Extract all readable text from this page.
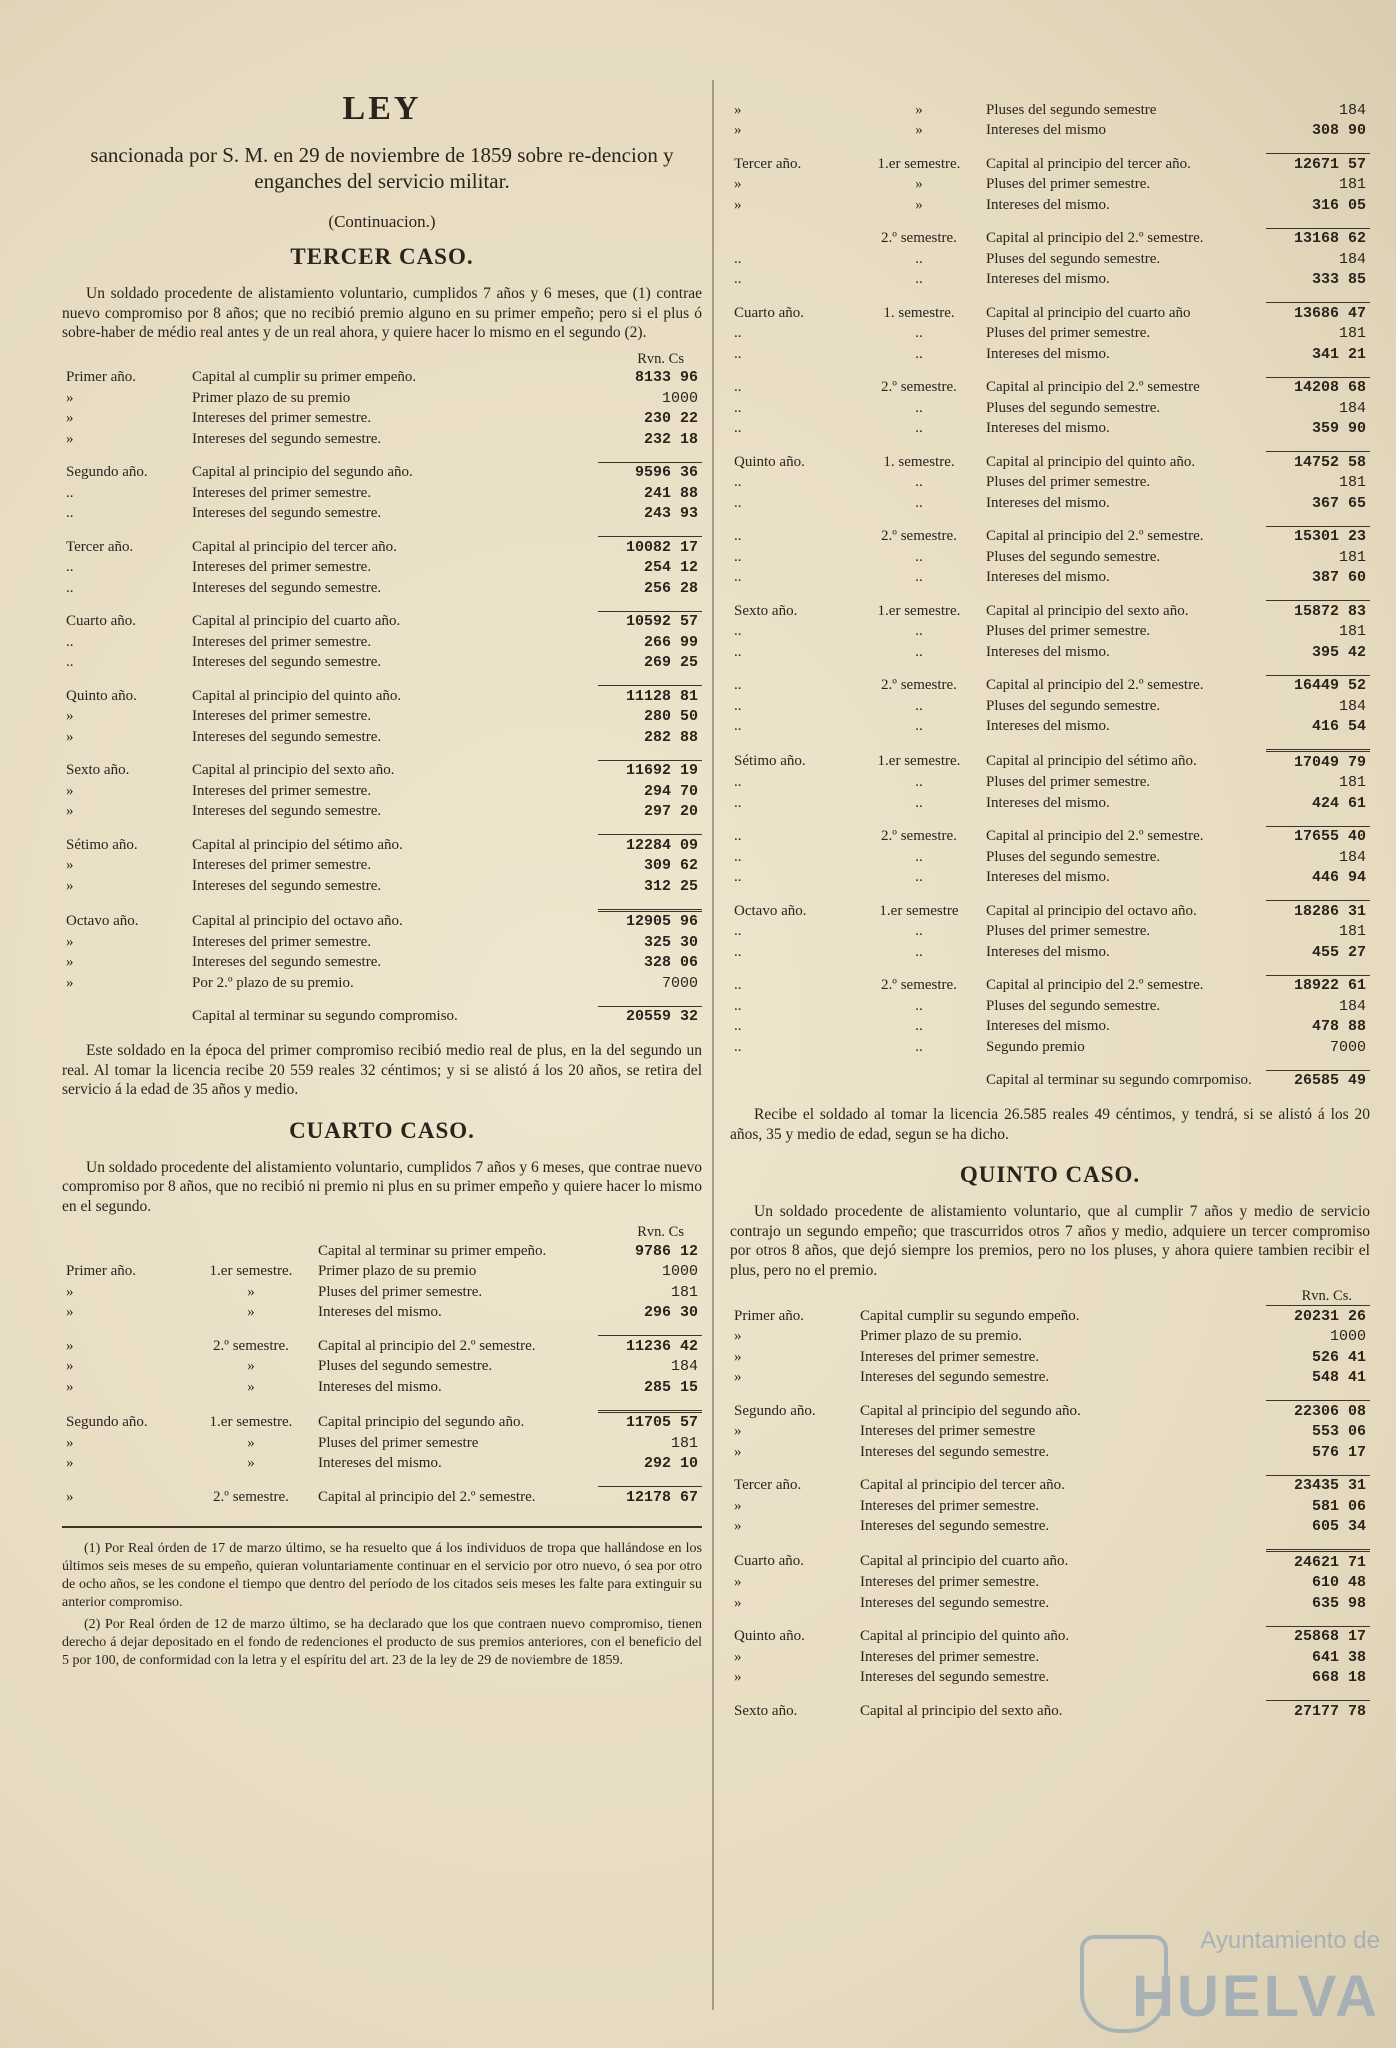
LEY

sancionada por S. M. en 29 de noviembre de 1859 sobre re-dencion y enganches del servicio militar.

(Continuacion.)

TERCER CASO.

Un soldado procedente de alistamiento voluntario, cumplidos 7 años y 6 meses, que (1) contrae nuevo compromiso por 8 años; que no recibió premio alguno en su primer empeño; pero si el plus ó sobre-haber de médio real antes y de un real ahora, y quiere hacer lo mismo en el segundo (2).

Rvn. Cs

Primer año.	Capital al cumplir su primer empeño.	8133 96
»	Primer plazo de su premio	1000
»	Intereses del primer semestre.	230 22
»	Intereses del segundo semestre.	232 18

Segundo año.	Capital al principio del segundo año.	9596 36
..	Intereses del primer semestre.	241 88
..	Intereses del segundo semestre.	243 93

Tercer año.	Capital al principio del tercer año.	10082 17
..	Intereses del primer semestre.	254 12
..	Intereses del segundo semestre.	256 28

Cuarto año.	Capital al principio del cuarto año.	10592 57
..	Intereses del primer semestre.	266 99
..	Intereses del segundo semestre.	269 25

Quinto año.	Capital al principio del quinto año.	11128 81
»	Intereses del primer semestre.	280 50
»	Intereses del segundo semestre.	282 88

Sexto año.	Capital al principio del sexto año.	11692 19
»	Intereses del primer semestre.	294 70
»	Intereses del segundo semestre.	297 20

Sétimo año.	Capital al principio del sétimo año.	12284 09
»	Intereses del primer semestre.	309 62
»	Intereses del segundo semestre.	312 25

Octavo año.	Capital al principio del octavo año.	12905 96
»	Intereses del primer semestre.	325 30
»	Intereses del segundo semestre.	328 06
»	Por 2.º plazo de su premio.	7000

	Capital al terminar su segundo compromiso.	20559 32

Este soldado en la época del primer compromiso recibió medio real de plus, en la del segundo un real. Al tomar la licencia recibe 20 559 reales 32 céntimos; y si se alistó á los 20 años, se retira del servicio á la edad de 35 años y medio.

CUARTO CASO.

Un soldado procedente del alistamiento voluntario, cumplidos 7 años y 6 meses, que contrae nuevo compromiso por 8 años, que no recibió ni premio ni plus en su primer empeño y quiere hacer lo mismo en el segundo.

Rvn. Cs

		Capital al terminar su primer empeño.	9786 12
Primer año.	1.er semestre.	Primer plazo de su premio	1000
»	»	Pluses del primer semestre.	181
»	»	Intereses del mismo.	296 30

»	2.º semestre.	Capital al principio del 2.º semestre.	11236 42
»	»	Pluses del segundo semestre.	184
»	»	Intereses del mismo.	285 15

Segundo año.	1.er semestre.	Capital principio del segundo año.	11705 57
»	»	Pluses del primer semestre	181
»	»	Intereses del mismo.	292 10

»	2.º semestre.	Capital al principio del 2.º semestre.	12178 67

(1) Por Real órden de 17 de marzo último, se ha resuelto que á los individuos de tropa que hallándose en los últimos seis meses de su empeño, quieran voluntariamente continuar en el servicio por otro nuevo, ó sea por otro de ocho años, se les condone el tiempo que dentro del período de los citados seis meses les falte para extinguir su anterior compromiso.

(2) Por Real órden de 12 de marzo último, se ha declarado que los que contraen nuevo compromiso, tienen derecho á dejar depositado en el fondo de redenciones el producto de sus premios anteriores, con el beneficio del 5 por 100, de conformidad con la letra y el espíritu del art. 23 de la ley de 29 de noviembre de 1859.

»	»	Pluses del segundo semestre	184
»	»	Intereses del mismo	308 90

Tercer año.	1.er semestre.	Capital al principio del tercer año.	12671 57
»	»	Pluses del primer semestre.	181
»	»	Intereses del mismo.	316 05

	2.º semestre.	Capital al principio del 2.º semestre.	13168 62
..	..	Pluses del segundo semestre.	184
..	..	Intereses del mismo.	333 85

Cuarto año.	1. semestre.	Capital al principio del cuarto año	13686 47
..	..	Pluses del primer semestre.	181
..	..	Intereses del mismo.	341 21

..	2.º semestre.	Capital al principio del 2.º semestre	14208 68
..	..	Pluses del segundo semestre.	184
..	..	Intereses del mismo.	359 90

Quinto año.	1. semestre.	Capital al principio del quinto año.	14752 58
..	..	Pluses del primer semestre.	181
..	..	Intereses del mismo.	367 65

..	2.º semestre.	Capital al principio del 2.º semestre.	15301 23
..	..	Pluses del segundo semestre.	181
..	..	Intereses del mismo.	387 60

Sexto año.	1.er semestre.	Capital al principio del sexto año.	15872 83
..	..	Pluses del primer semestre.	181
..	..	Intereses del mismo.	395 42

..	2.º semestre.	Capital al principio del 2.º semestre.	16449 52
..	..	Pluses del segundo semestre.	184
..	..	Intereses del mismo.	416 54

Sétimo año.	1.er semestre.	Capital al principio del sétimo año.	17049 79
..	..	Pluses del primer semestre.	181
..	..	Intereses del mismo.	424 61

..	2.º semestre.	Capital al principio del 2.º semestre.	17655 40
..	..	Pluses del segundo semestre.	184
..	..	Intereses del mismo.	446 94

Octavo año.	1.er semestre	Capital al principio del octavo año.	18286 31
..	..	Pluses del primer semestre.	181
..	..	Intereses del mismo.	455 27

..	2.º semestre.	Capital al principio del 2.º semestre.	18922 61
..	..	Pluses del segundo semestre.	184
..	..	Intereses del mismo.	478 88
..	..	Segundo premio	7000

		Capital al terminar su segundo comrpomiso.	26585 49

Recibe el soldado al tomar la licencia 26.585 reales 49 céntimos, y tendrá, si se alistó á los 20 años, 35 y medio de edad, segun se ha dicho.

QUINTO CASO.

Un soldado procedente de alistamiento voluntario, que al cumplir 7 años y medio de servicio contrajo un segundo empeño; que trascurridos otros 7 años y medio, adquiere un tercer compromiso por otros 8 años, que dejó siempre los premios, pero no los pluses, y ahora quiere tambien recibir el plus, pero no el premio.

Rvn. Cs.

Primer año.	Capital cumplir su segundo empeño.	20231 26
»	Primer plazo de su premio.	1000
»	Intereses del primer semestre.	526 41
»	Intereses del segundo semestre.	548 41

Segundo año.	Capital al principio del segundo año.	22306 08
»	Intereses del primer semestre	553 06
»	Intereses del segundo semestre.	576 17

Tercer año.	Capital al principio del tercer año.	23435 31
»	Intereses del primer semestre.	581 06
»	Intereses del segundo semestre.	605 34

Cuarto año.	Capital al principio del cuarto año.	24621 71
»	Intereses del primer semestre.	610 48
»	Intereses del segundo semestre.	635 98

Quinto año.	Capital al principio del quinto año.	25868 17
»	Intereses del primer semestre.	641 38
»	Intereses del segundo semestre.	668 18

Sexto año.	Capital al principio del sexto año.	27177 78
Ayuntamiento de
HUELVA
